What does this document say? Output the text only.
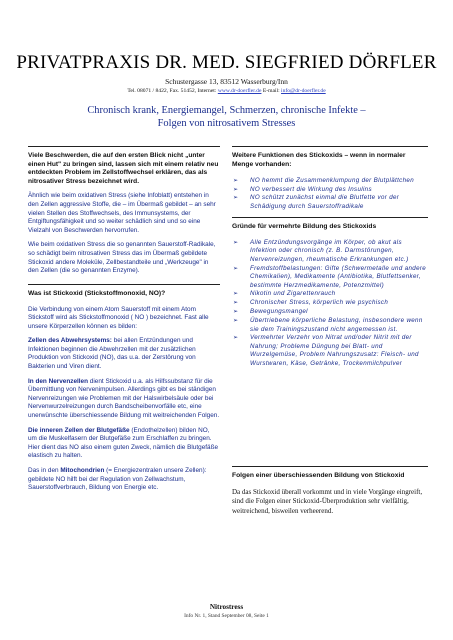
PRIVATPRAXIS DR. MED. SIEGFRIED DÖRFLER
Schustergasse 13, 83512 Wasserburg/Inn
Tel. 08071 / 8422, Fax. 51452, Internet: www.dr-doerfler.de E-mail: info@dr-doerfler.de
Chronisch krank, Energiemangel, Schmerzen, chronische Infekte –
Folgen von nitrosativem Stresses
Viele Beschwerden, die auf den ersten Blick nicht „unter einen Hut" zu bringen sind, lassen sich mit einem relativ neu entdeckten Problem im Zellstoffwechsel erklären, das als nitrosativer Stress bezeichnet wird.

Ähnlich wie beim oxidativen Stress (siehe Infoblatt) entstehen in den Zellen aggressive Stoffe, die – im Übermaß gebildet – an sehr vielen Stellen des Stoffwechsels, des Immunsystems, der Entgiftungsfähigkeit und so weiter schädlich sind und so eine Vielzahl von Beschwerden hervorrufen.

Wie beim oxidativen Stress die so genannten Sauerstoff-Radikale, so schädigt beim nitrosativen Stress das im Übermaß gebildete Stickoxid andere Moleküle, Zellbestandteile und „Werkzeuge" in den Zellen (die so genannten Enzyme).

Was ist Stickoxid (Stickstoffmonoxid, NO)?

Die Verbindung von einem Atom Sauerstoff mit einem Atom Stickstoff wird als Stickstoffmonoxid ( NO ) bezeichnet. Fast alle unsere Körperzellen können es bilden:

Zellen des Abwehrsystems: bei allen Entzündungen und Infektionen beginnen die Abwehrzellen mit der zusätzlichen Produktion von Stickoxid (NO), das u.a. der Zerstörung von Bakterien und Viren dient.

In den Nervenzellen dient Stickoxid u.a. als Hilfssubstanz für die Übermittlung von Nervenimpulsen. Allerdings gibt es bei ständigen Nervenreizungen wie Problemen mit der Halswirbelsäule oder bei Nervenwurzelreizungen durch Bandscheibenvorfälle etc, eine unerwünschte überschiessende Bildung mit weitreichenden Folgen.

Die inneren Zellen der Blutgefäße (Endothelzellen) bilden NO, um die Muskelfasern der Blutgefäße zum Erschlaffen zu bringen. Hier dient das NO also einem guten Zweck, nämlich die Blutgefäße elastisch zu halten.

Das in den Mitochondrien (= Energiezentralen unsere Zellen): gebildete NO hilft bei der Regulation von Zellwachstum, Sauerstoffverbrauch, Bildung von Energie etc.

Weitere Funktionen des Stickoxids – wenn in normaler Menge vorhanden:
➢ NO hemmt die Zusammenklumpung der Blutplättchen
➢ NO verbessert die Wirkung des Insulins
➢ NO schützt zunächst einmal die Blutfette vor der Schädigung durch Sauerstoffradikale
Gründe für vermehrte Bildung des Stickoxids
➢ Alle Entzündungsvorgänge im Körper, ob akut als Infektion oder chronisch (z. B. Darmstörungen, Nervenreizungen, rheumatische Erkrankungen etc.)
➢ Fremdstoffbelastungen: Gifte (Schwermetalle und andere Chemikalien), Medikamente (Antibiotika, Blutfettsenker, bestimmte Herzmedikamente, Potenzmittel)
➢ Nikotin und Zigarettenrauch
➢ Chronischer Stress, körperlich wie psychisch
➢ Bewegungsmangel
➢ Übertriebene körperliche Belastung, insbesondere wenn sie dem Trainingszustand nicht angemessen ist.
➢ Vermehrter Verzehr von Nitrat und/oder Nitrit mit der Nahrung; Probleme Düngung bei Blatt- und Wurzelgemüse, Problem Nahrungszusatz: Fleisch- und Wurstwaren, Käse, Getränke, Trockenmilchpulver
Folgen einer überschiessenden Bildung von Stickoxid

Da das Stickoxid überall vorkommt und in viele Vorgänge eingreift, sind die Folgen einer Stickoxid-Überproduktion sehr vielfältig, weitreichend, bisweilen verheerend.

Nitrostress
Info Nr. 1, Stand September 08, Seite 1
